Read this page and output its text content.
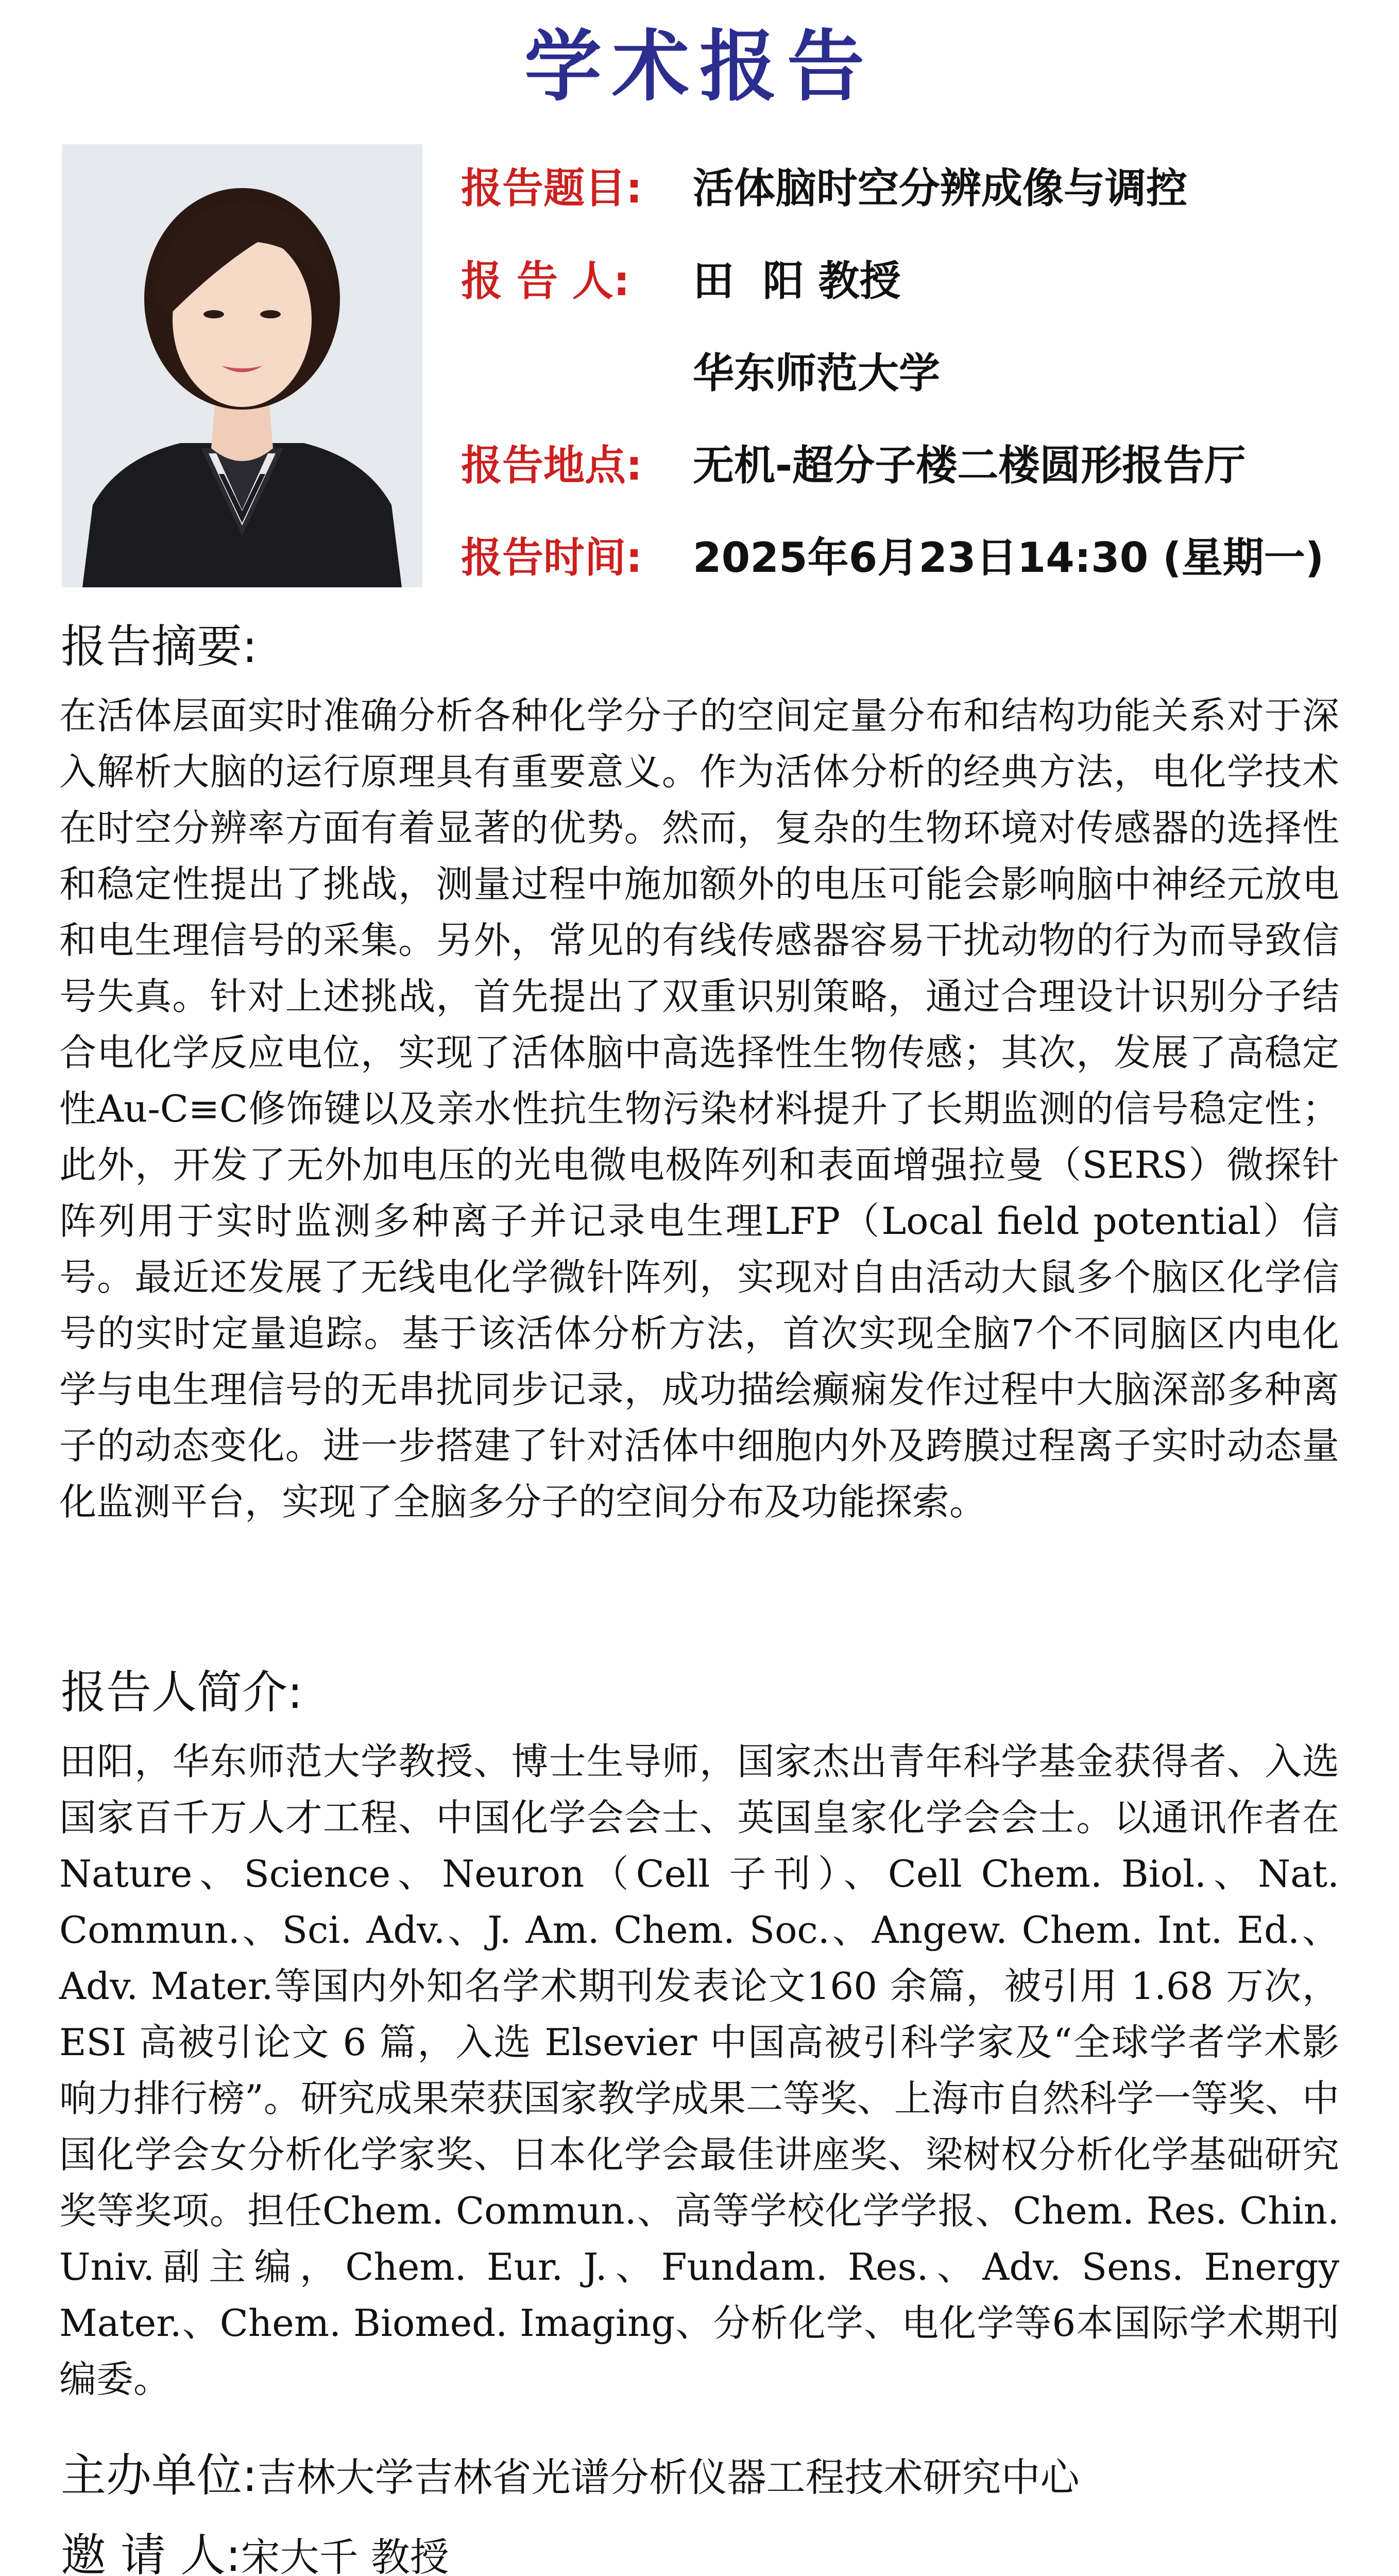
学术报告
报告题目: 活体脑时空分辨成像与调控
报 告 人: 田  阳 教授
华东师范大学
报告地点: 无机-超分子楼二楼圆形报告厅
报告时间: 2025年6月23日14:30 (星期一)
报告摘要:
在活体层面实时准确分析各种化学分子的空间定量分布和结构功能关系对于深入解析大脑的运行原理具有重要意义。作为活体分析的经典方法，电化学技术在时空分辨率方面有着显著的优势。然而，复杂的生物环境对传感器的选择性和稳定性提出了挑战，测量过程中施加额外的电压可能会影响脑中神经元放电和电生理信号的采集。另外，常见的有线传感器容易干扰动物的行为而导致信号失真。针对上述挑战，首先提出了双重识别策略，通过合理设计识别分子结合电化学反应电位，实现了活体脑中高选择性生物传感；其次，发展了高稳定性Au-C≡C修饰键以及亲水性抗生物污染材料提升了长期监测的信号稳定性；此外，开发了无外加电压的光电微电极阵列和表面增强拉曼（SERS）微探针阵列用于实时监测多种离子并记录电生理LFP（Local field potential）信号。最近还发展了无线电化学微针阵列，实现对自由活动大鼠多个脑区化学信号的实时定量追踪。基于该活体分析方法，首次实现全脑7个不同脑区内电化学与电生理信号的无串扰同步记录，成功描绘癫痫发作过程中大脑深部多种离子的动态变化。进一步搭建了针对活体中细胞内外及跨膜过程离子实时动态量化监测平台，实现了全脑多分子的空间分布及功能探索。
报告人简介:
田阳，华东师范大学教授、博士生导师，国家杰出青年科学基金获得者、入选国家百千万人才工程、中国化学会会士、英国皇家化学会会士。以通讯作者在 Nature、Science、Neuron（Cell 子刊）、Cell Chem. Biol.、Nat. Commun.、Sci. Adv.、J. Am. Chem. Soc.、Angew. Chem. Int. Ed.、Adv. Mater.等国内外知名学术期刊发表论文160 余篇，被引用 1.68 万次，ESI 高被引论文 6 篇，入选 Elsevier 中国高被引科学家及“全球学者学术影响力排行榜”。研究成果荣获国家教学成果二等奖、上海市自然科学一等奖、中国化学会女分析化学家奖、日本化学会最佳讲座奖、梁树权分析化学基础研究奖等奖项。担任Chem. Commun.、高等学校化学学报、Chem. Res. Chin. Univ.副主编，Chem. Eur. J.、Fundam. Res.、Adv. Sens. Energy Mater.、Chem. Biomed. Imaging、分析化学、电化学等6本国际学术期刊编委。
主办单位:吉林大学吉林省光谱分析仪器工程技术研究中心
邀 请 人:宋大千 教授
